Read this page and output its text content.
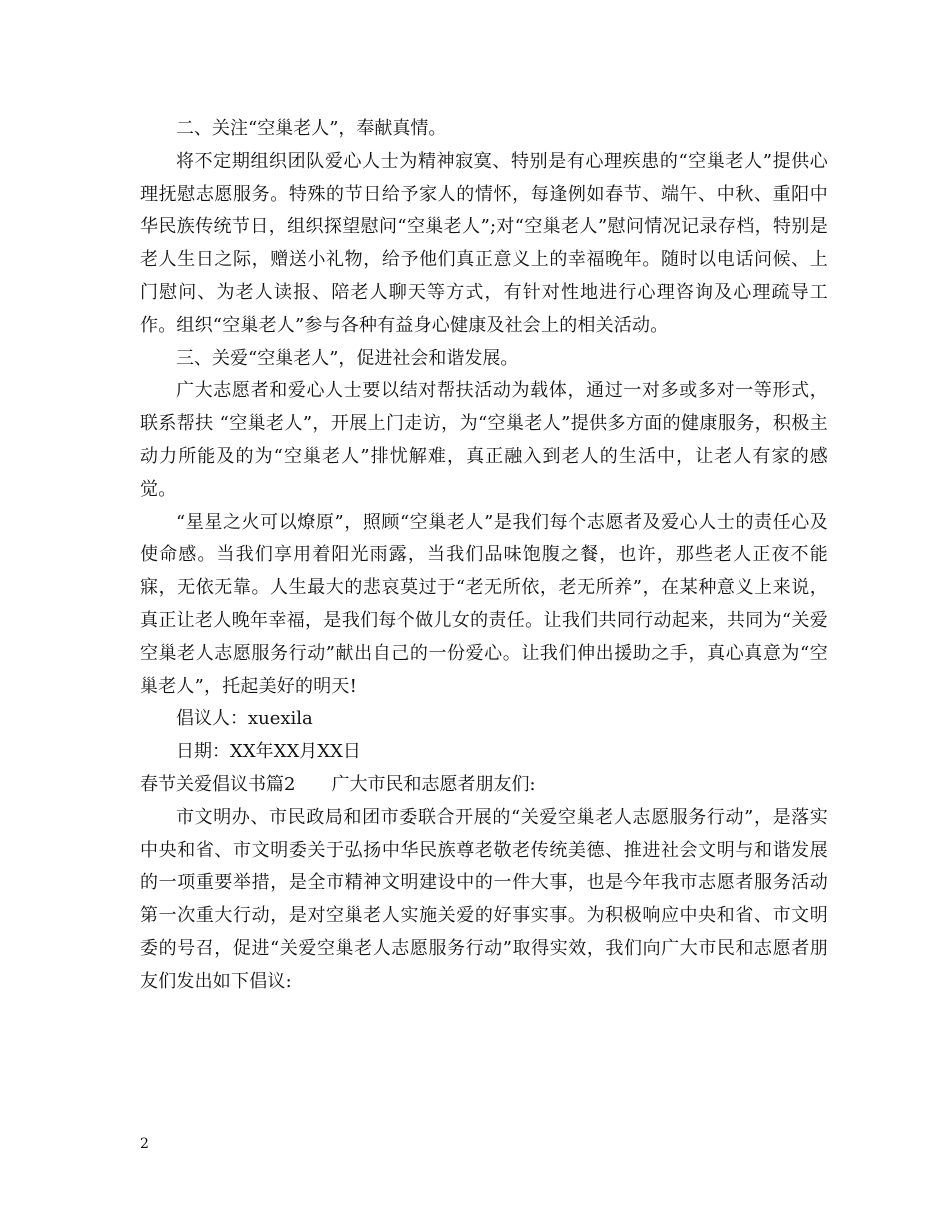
二、关注“空巢老人”，奉献真情。

将不定期组织团队爱心人士为精神寂寞、特别是有心理疾患的“空巢老人”提供心理抚慰志愿服务。特殊的节日给予家人的情怀，每逢例如春节、端午、中秋、重阳中华民族传统节日，组织探望慰问“空巢老人”;对“空巢老人”慰问情况记录存档，特别是老人生日之际，赠送小礼物，给予他们真正意义上的幸福晚年。随时以电话问候、上门慰问、为老人读报、陪老人聊天等方式，有针对性地进行心理咨询及心理疏导工作。组织“空巢老人”参与各种有益身心健康及社会上的相关活动。

三、关爱“空巢老人”，促进社会和谐发展。

广大志愿者和爱心人士要以结对帮扶活动为载体，通过一对多或多对一等形式，联系帮扶 “空巢老人”，开展上门走访，为“空巢老人”提供多方面的健康服务，积极主动力所能及的为“空巢老人”排忧解难，真正融入到老人的生活中，让老人有家的感觉。

“星星之火可以燎原”，照顾“空巢老人”是我们每个志愿者及爱心人士的责任心及使命感。当我们享用着阳光雨露，当我们品味饱腹之餐，也许，那些老人正夜不能寐，无依无靠。人生最大的悲哀莫过于“老无所依，老无所养”，在某种意义上来说，真正让老人晚年幸福，是我们每个做儿女的责任。让我们共同行动起来，共同为“关爱空巢老人志愿服务行动”献出自己的一份爱心。让我们伸出援助之手，真心真意为“空巢老人”，托起美好的明天!

倡议人：xuexila

日期：XX年XX月XX日

春节关爱倡议书篇2 广大市民和志愿者朋友们:

市文明办、市民政局和团市委联合开展的“关爱空巢老人志愿服务行动”，是落实中央和省、市文明委关于弘扬中华民族尊老敬老传统美德、推进社会文明与和谐发展的一项重要举措，是全市精神文明建设中的一件大事，也是今年我市志愿者服务活动第一次重大行动，是对空巢老人实施关爱的好事实事。为积极响应中央和省、市文明委的号召，促进“关爱空巢老人志愿服务行动”取得实效，我们向广大市民和志愿者朋友们发出如下倡议:

2
